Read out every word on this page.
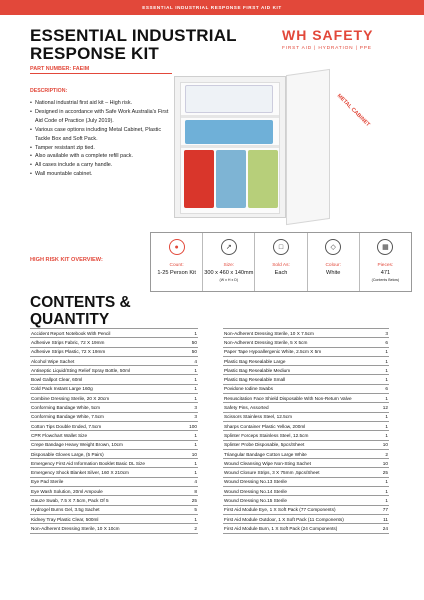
ESSENTIAL INDUSTRIAL RESPONSE FIRST AID KIT
ESSENTIAL INDUSTRIAL
RESPONSE KIT
PART NUMBER: FAEIM
DESCRIPTION:
• National industrial first aid kit – High risk.
• Designed in accordance with Safe Work Australia's First Aid Code of Practice (July 2019).
• Various case options including Metal Cabinet, Plastic Tackle Box and Soft Pack.
• Tamper resistant zip tied.
• Also available with a complete refill pack.
• All cases include a carry handle.
• Wall mountable cabinet.
WH SAFETY
FIRST AID | HYDRATION | PPE
METAL CABINET
HIGH RISK KIT OVERVIEW:
●
Count:
1-25 Person Kit
↗
Size:
300 x 460 x 140mm
(W x H x D)
□
Sold As:
Each
◇
Colour:
White
▦
Pieces:
471
(Contents Below)
CONTENTS &
QUANTITY
Accident Report Notebook With Pencil	1
Adhesive Strips Fabric, 72 X 19mm	50
Adhesive Strips Plastic, 72 X 19mm	50
Alcohol Wipe Sachet	4
Antiseptic Liquid/Sting Relief Spray Bottle, 50ml	1
Bowl Gallpot Clear, 60ml	1
Cold Pack Instant Large 160g	1
Combine Dressing Sterile, 20 X 20cm	1
Conforming Bandage White, 5cm	3
Conforming Bandage White, 7.5cm	3
Cotton Tips Double Ended, 7.5cm	100
CPR Flowchart Wallet Size	1
Crepe Bandage Heavy Weight Brown, 10cm	1
Disposable Gloves Large, (5 Pairs)	10
Emergency First Aid Information Booklet Basic DL Size	1
Emergency Shock Blanket Silver, 160 X 210cm	1
Eye Pad Sterile	4
Eye Wash Solution, 20ml Ampoule	8
Gauze Swab, 7.5 X 7.5cm, Pack Of 5	25
Hydrogel Burns Gel, 3.5g Sachet	5
Kidney Tray Plastic Clear, 500ml	1
Non-Adherent Dressing Sterile, 10 X 10cm	2
Non-Adherent Dressing Sterile, 10 X 7.5cm	3
Non-Adherent Dressing Sterile, 5 X 5cm	6
Paper Tape Hypoallergenic White, 2.5cm X 5m	1
Plastic Bag Resealable Large	1
Plastic Bag Resealable Medium	1
Plastic Bag Resealable Small	1
Povidone Iodine Swabs	6
Resuscitation Face Shield Disposable With Non-Return Valve	1
Safety Pins, Assorted	12
Scissors Stainless Steel, 12.5cm	1
Sharps Container Plastic Yellow, 200ml	1
Splinter Forceps Stainless Steel, 12.5cm	1
Splinter Probe Disposable, 5pcs/Sheet	10
Triangular Bandage Cotton Large White	2
Wound Cleansing Wipe Non-Sting Sachet	10
Wound Closure Strips, 3 X 75mm ,5pcs/Sheet	25
Wound Dressing No.13 Sterile	1
Wound Dressing No.14 Sterile	1
Wound Dressing No.15 Sterile	1
First Aid Module Eye, 1 X Soft Pack (77 Components)	77
First Aid Module Outdoor, 1 X Soft Pack (11 Components)	11
First Aid Module Burn, 1 X Soft Pack (24 Components)	24
